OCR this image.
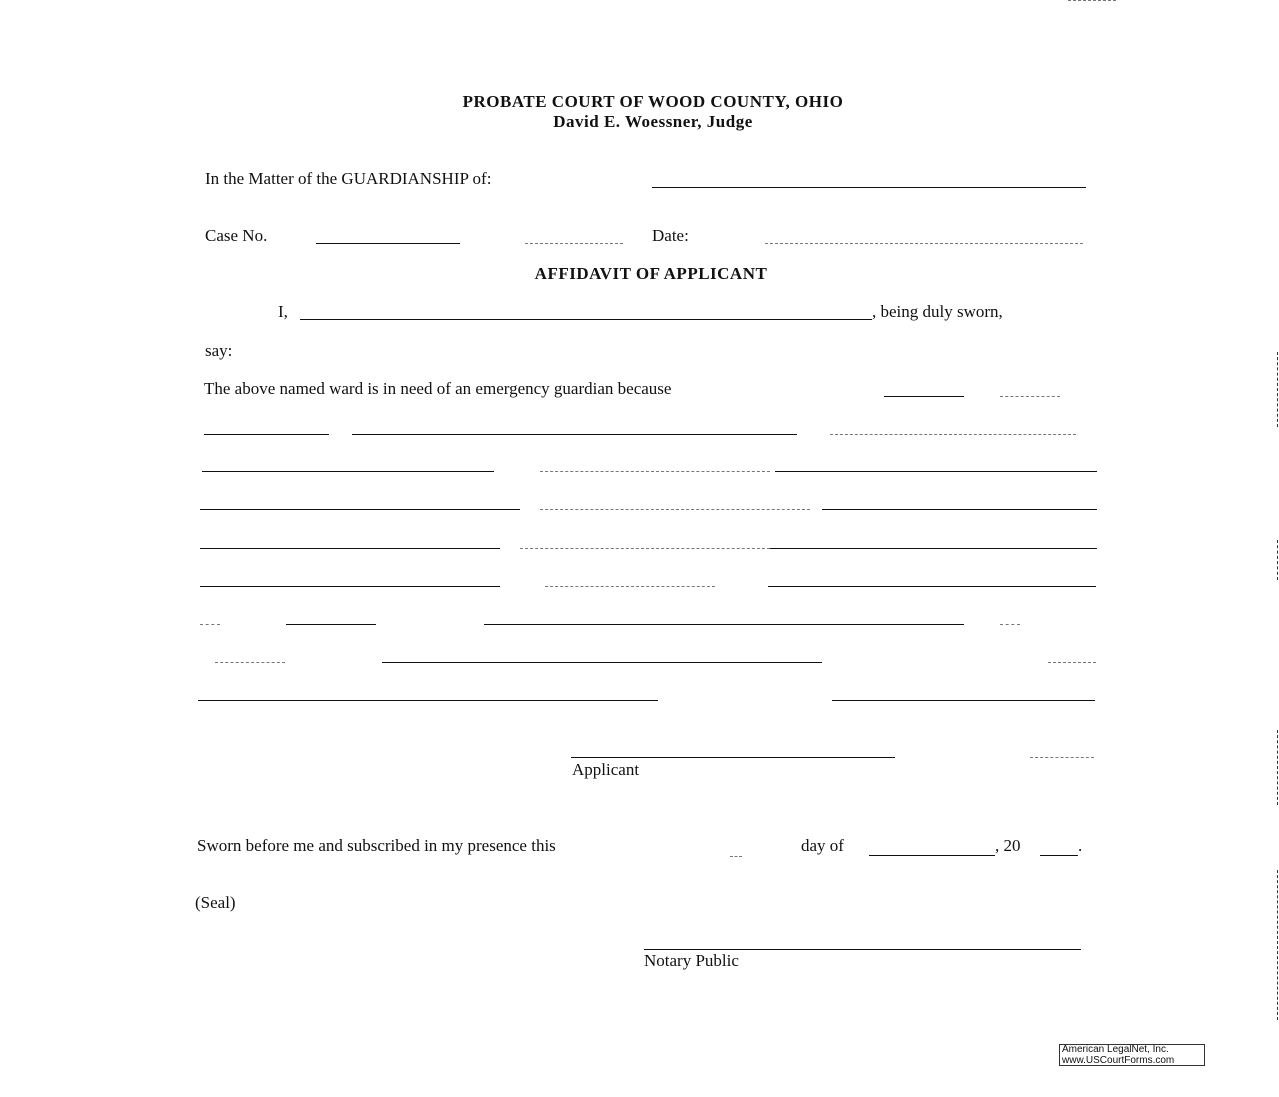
PROBATE COURT OF WOOD COUNTY, OHIO
David E. Woessner, Judge
In the Matter of the GUARDIANSHIP of:
Case No.	Date:
AFFIDAVIT OF APPLICANT
I,	, being duly sworn,
say:
The above named ward is in need of an emergency guardian because
Applicant
Sworn before me and subscribed in my presence this	day of	, 20	.
(Seal)
Notary Public
American LegalNet, Inc.
www.USCourtForms.com
